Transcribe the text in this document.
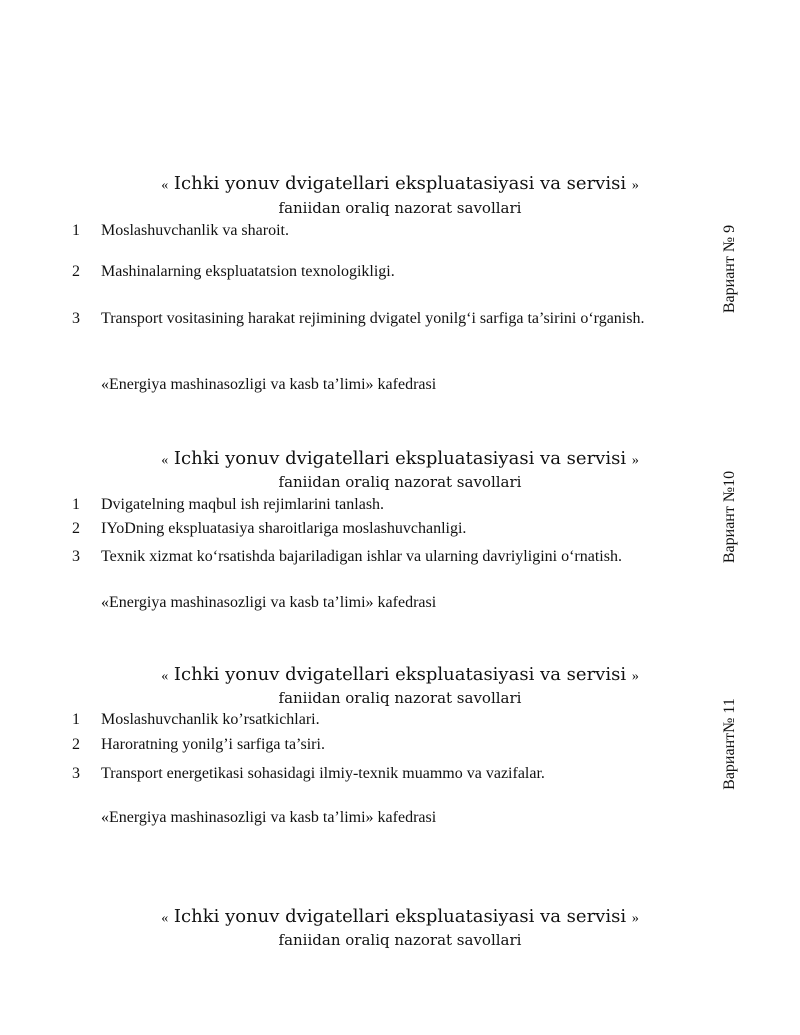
« Ichki yonuv dvigatellari ekspluatasiyasi va servisi »
faniidan oraliq nazorat savollari
1	Moslashuvchanlik va sharoit.
2	Mashinalarning ekspluatatsion texnologikligi.
3	Transport vositasining harakat rejimining dvigatel yonilg‘i sarfiga ta’sirini o‘rganish.
«Energiya mashinasozligi va kasb ta’limi» kafedrasi
Вариант № 9
« Ichki yonuv dvigatellari ekspluatasiyasi va servisi »
faniidan oraliq nazorat savollari
1	Dvigatelning maqbul ish rejimlarini tanlash.
2	IYoDning ekspluatasiya sharoitlariga moslashuvchanligi.
3	Texnik xizmat ko‘rsatishda bajariladigan ishlar va ularning davriyligini o‘rnatish.
«Energiya mashinasozligi va kasb ta’limi» kafedrasi
Вариант №10
« Ichki yonuv dvigatellari ekspluatasiyasi va servisi »
faniidan oraliq nazorat savollari
1	Moslashuvchanlik ko’rsatkichlari.
2	Haroratning yonilg’i sarfiga ta’siri.
3	Transport energetikasi sohasidagi ilmiy-texnik muammo va vazifalar.
«Energiya mashinasozligi va kasb ta’limi» kafedrasi
Вариант№ 11
« Ichki yonuv dvigatellari ekspluatasiyasi va servisi »
faniidan oraliq nazorat savollari
